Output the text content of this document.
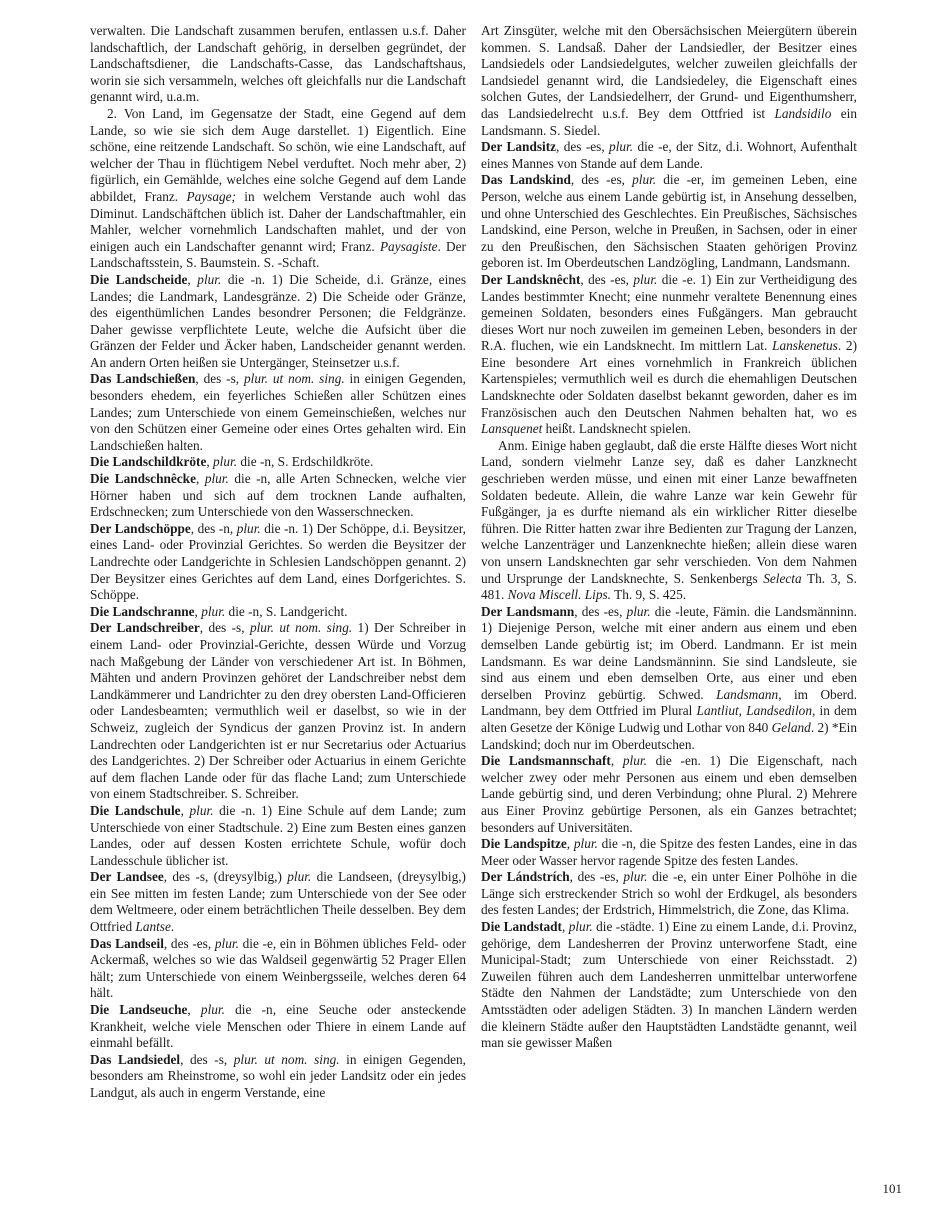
verwalten. Die Landschaft zusammen berufen, entlassen u.s.f. Daher landschaftlich, der Landschaft gehörig, in derselben gegründet, der Landschaftsdiener, die Landschafts-Casse, das Landschaftshaus, worin sie sich versammeln, welches oft gleichfalls nur die Landschaft genannt wird, u.a.m.

2. Von Land, im Gegensatze der Stadt, eine Gegend auf dem Lande, so wie sie sich dem Auge darstellet. 1) Eigentlich. Eine schöne, eine reitzende Landschaft. So schön, wie eine Landschaft, auf welcher der Thau in flüchtigem Nebel verduftet. Noch mehr aber, 2) figürlich, ein Gemählde, welches eine solche Gegend auf dem Lande abbildet, Franz. Paysage; in welchem Verstande auch wohl das Diminut. Landschäftchen üblich ist. Daher der Landschaftmahler, ein Mahler, welcher vornehmlich Landschaften mahlet, und der von einigen auch ein Landschafter genannt wird; Franz. Paysagiste. Der Landschaftsstein, S. Baumstein. S. -Schaft.

Die Landscheide, plur. die -n. 1) Die Scheide, d.i. Gränze, eines Landes; die Landmark, Landesgränze. 2) Die Scheide oder Gränze, des eigenthümlichen Landes besondrer Personen; die Feldgränze. Daher gewisse verpflichtete Leute, welche die Aufsicht über die Gränzen der Felder und Äcker haben, Landscheider genannt werden. An andern Orten heißen sie Untergänger, Steinsetzer u.s.f.

Das Landschießen, des -s, plur. ut nom. sing. in einigen Gegenden, besonders ehedem, ein feyerliches Schießen aller Schützen eines Landes; zum Unterschiede von einem Gemeinschießen, welches nur von den Schützen einer Gemeine oder eines Ortes gehalten wird. Ein Landschießen halten.

Die Landschildkröte, plur. die -n, S. Erdschildkröte.

Die Landschnêcke, plur. die -n, alle Arten Schnecken, welche vier Hörner haben und sich auf dem trocknen Lande aufhalten, Erdschnecken; zum Unterschiede von den Wasserschnecken.

Der Landschöppe, des -n, plur. die -n. 1) Der Schöppe, d.i. Beysitzer, eines Land- oder Provinzial Gerichtes. So werden die Beysitzer der Landrechte oder Landgerichte in Schlesien Landschöppen genannt. 2) Der Beysitzer eines Gerichtes auf dem Land, eines Dorfgerichtes. S. Schöppe.

Die Landschranne, plur. die -n, S. Landgericht.

Der Landschreiber, des -s, plur. ut nom. sing. 1) Der Schreiber in einem Land- oder Provinzial-Gerichte, dessen Würde und Vorzug nach Maßgebung der Länder von verschiedener Art ist. In Böhmen, Mähten und andern Provinzen gehöret der Landschreiber nebst dem Landkämmerer und Landrichter zu den drey obersten Land-Officieren oder Landesbeamten; vermuthlich weil er daselbst, so wie in der Schweiz, zugleich der Syndicus der ganzen Provinz ist. In andern Landrechten oder Landgerichten ist er nur Secretarius oder Actuarius des Landgerichtes. 2) Der Schreiber oder Actuarius in einem Gerichte auf dem flachen Lande oder für das flache Land; zum Unterschiede von einem Stadtschreiber. S. Schreiber.

Die Landschule, plur. die -n. 1) Eine Schule auf dem Lande; zum Unterschiede von einer Stadtschule. 2) Eine zum Besten eines ganzen Landes, oder auf dessen Kosten errichtete Schule, wofür doch Landesschule üblicher ist.

Der Landsee, des -s, (dreysylbig,) plur. die Landseen, (dreysylbig,) ein See mitten im festen Lande; zum Unterschiede von der See oder dem Weltmeere, oder einem beträchtlichen Theile desselben. Bey dem Ottfried Lantse.

Das Landseil, des -es, plur. die -e, ein in Böhmen übliches Feld- oder Ackermaß, welches so wie das Waldseil gegenwärtig 52 Prager Ellen hält; zum Unterschiede von einem Weinbergsseile, welches deren 64 hält.

Die Landseuche, plur. die -n, eine Seuche oder ansteckende Krankheit, welche viele Menschen oder Thiere in einem Lande auf einmahl befällt.

Das Landsiedel, des -s, plur. ut nom. sing. in einigen Gegenden, besonders am Rheinstrome, so wohl ein jeder Landsitz oder ein jedes Landgut, als auch in engerm Verstande, eine

Art Zinsgüter, welche mit den Obersächsischen Meiergütern überein kommen. S. Landsaß. Daher der Landsiedler, der Besitzer eines Landsiedels oder Landsiedelgutes, welcher zuweilen gleichfalls der Landsiedel genannt wird, die Landsiedeley, die Eigenschaft eines solchen Gutes, der Landsiedelherr, der Grund- und Eigenthumsherr, das Landsiedelrecht u.s.f. Bey dem Ottfried ist Landsidilo ein Landsmann. S. Siedel.

Der Landsitz, des -es, plur. die -e, der Sitz, d.i. Wohnort, Aufenthalt eines Mannes von Stande auf dem Lande.

Das Landskind, des -es, plur. die -er, im gemeinen Leben, eine Person, welche aus einem Lande gebürtig ist, in Ansehung desselben, und ohne Unterschied des Geschlechtes. Ein Preußisches, Sächsisches Landskind, eine Person, welche in Preußen, in Sachsen, oder in einer zu den Preußischen, den Sächsischen Staaten gehörigen Provinz geboren ist. Im Oberdeutschen Landzögling, Landmann, Landsmann.

Der Landsknêcht, des -es, plur. die -e. 1) Ein zur Vertheidigung des Landes bestimmter Knecht; eine nunmehr veraltete Benennung eines gemeinen Soldaten, besonders eines Fußgängers. Man gebraucht dieses Wort nur noch zuweilen im gemeinen Leben, besonders in der R.A. fluchen, wie ein Landsknecht. Im mittlern Lat. Lanskenetus. 2) Eine besondere Art eines vornehmlich in Frankreich üblichen Kartenspieles; vermuthlich weil es durch die ehemahligen Deutschen Landsknechte oder Soldaten daselbst bekannt geworden, daher es im Französischen auch den Deutschen Nahmen behalten hat, wo es Lansquenet heißt. Landsknecht spielen.

Anm. Einige haben geglaubt, daß die erste Hälfte dieses Wort nicht Land, sondern vielmehr Lanze sey, daß es daher Lanzknecht geschrieben werden müsse, und einen mit einer Lanze bewaffneten Soldaten bedeute. Allein, die wahre Lanze war kein Gewehr für Fußgänger, ja es durfte niemand als ein wirklicher Ritter dieselbe führen. Die Ritter hatten zwar ihre Bedienten zur Tragung der Lanzen, welche Lanzenträger und Lanzenknechte hießen; allein diese waren von unsern Landsknechten gar sehr verschieden. Von dem Nahmen und Ursprunge der Landsknechte, S. Senkenbergs Selecta Th. 3, S. 481. Nova Miscell. Lips. Th. 9, S. 425.

Der Landsmann, des -es, plur. die -leute, Fämin. die Landsmänninn. 1) Diejenige Person, welche mit einer andern aus einem und eben demselben Lande gebürtig ist; im Oberd. Landmann. Er ist mein Landsmann. Es war deine Landsmänninn. Sie sind Landsleute, sie sind aus einem und eben demselben Orte, aus einer und eben derselben Provinz gebürtig. Schwed. Landsmann, im Oberd. Landmann, bey dem Ottfried im Plural Lantliut, Landsedilon, in dem alten Gesetze der Könige Ludwig und Lothar von 840 Geland. 2) *Ein Landskind; doch nur im Oberdeutschen.

Die Landsmannschaft, plur. die -en. 1) Die Eigenschaft, nach welcher zwey oder mehr Personen aus einem und eben demselben Lande gebürtig sind, und deren Verbindung; ohne Plural. 2) Mehrere aus Einer Provinz gebürtige Personen, als ein Ganzes betrachtet; besonders auf Universitäten.

Die Landspitze, plur. die -n, die Spitze des festen Landes, eine in das Meer oder Wasser hervor ragende Spitze des festen Landes.

Der Lándstrích, des -es, plur. die -e, ein unter Einer Polhöhe in die Länge sich erstreckender Strich so wohl der Erdkugel, als besonders des festen Landes; der Erdstrich, Himmelstrich, die Zone, das Klima.

Die Landstadt, plur. die -städte. 1) Eine zu einem Lande, d.i. Provinz, gehörige, dem Landesherren der Provinz unterworfene Stadt, eine Municipal-Stadt; zum Unterschiede von einer Reichsstadt. 2) Zuweilen führen auch dem Landesherren unmittelbar unterworfene Städte den Nahmen der Landstädte; zum Unterschiede von den Amtsstädten oder adeligen Städten. 3) In manchen Ländern werden die kleinern Städte außer den Hauptstädten Landstädte genannt, weil man sie gewisser Maßen

101
